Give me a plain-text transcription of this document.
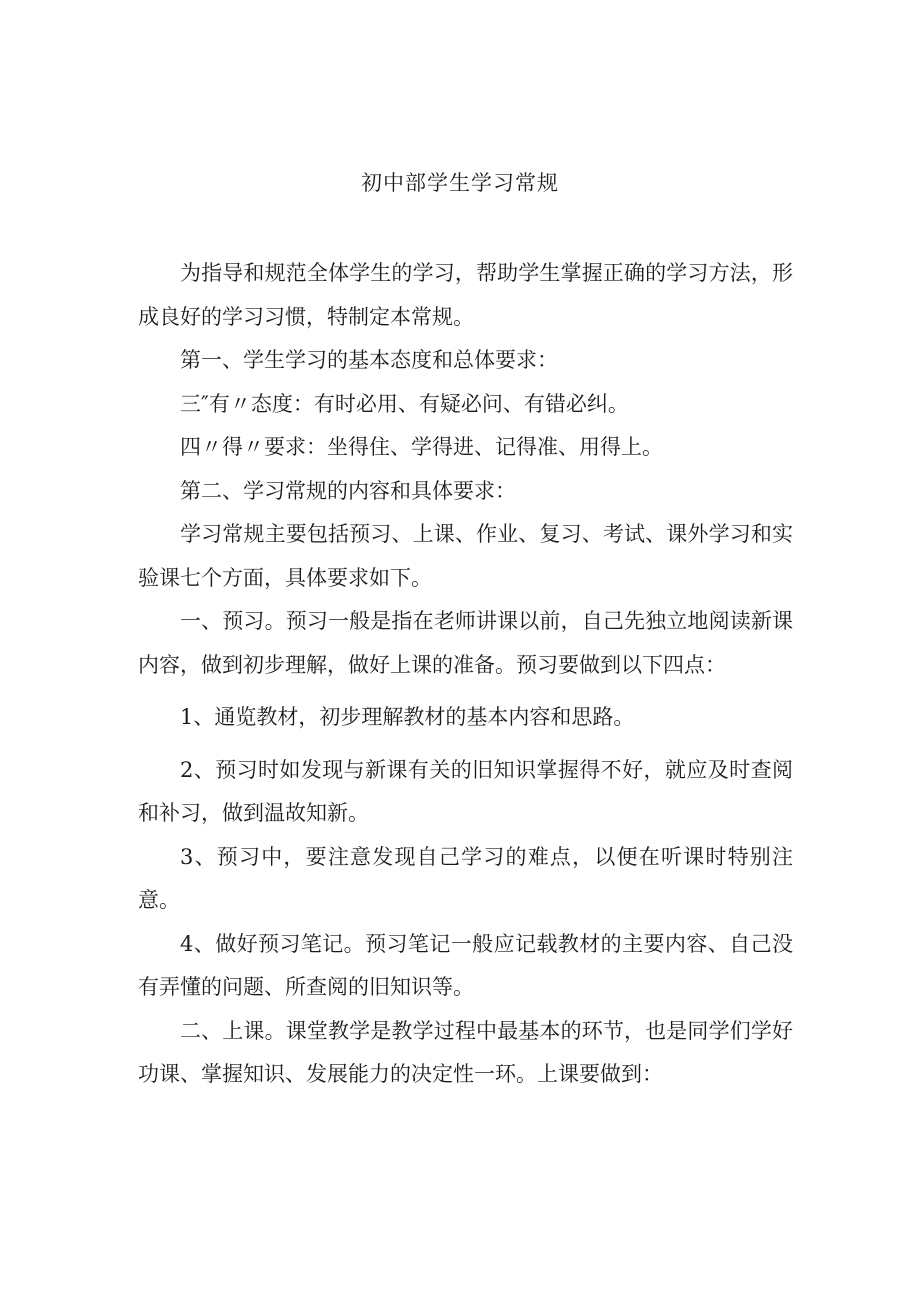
初中部学生学习常规

为指导和规范全体学生的学习，帮助学生掌握正确的学习方法，形成良好的学习习惯，特制定本常规。

第一、学生学习的基本态度和总体要求：

三″有〃态度：有时必用、有疑必问、有错必纠。

四〃得〃要求：坐得住、学得进、记得准、用得上。

第二、学习常规的内容和具体要求：

学习常规主要包括预习、上课、作业、复习、考试、课外学习和实验课七个方面，具体要求如下。

一、预习。预习一般是指在老师讲课以前，自己先独立地阅读新课内容，做到初步理解，做好上课的准备。预习要做到以下四点：

1、通览教材，初步理解教材的基本内容和思路。

2、预习时如发现与新课有关的旧知识掌握得不好，就应及时查阅和补习，做到温故知新。

3、预习中，要注意发现自己学习的难点，以便在听课时特别注意。

4、做好预习笔记。预习笔记一般应记载教材的主要内容、自己没有弄懂的问题、所查阅的旧知识等。

二、上课。课堂教学是教学过程中最基本的环节，也是同学们学好功课、掌握知识、发展能力的决定性一环。上课要做到：
